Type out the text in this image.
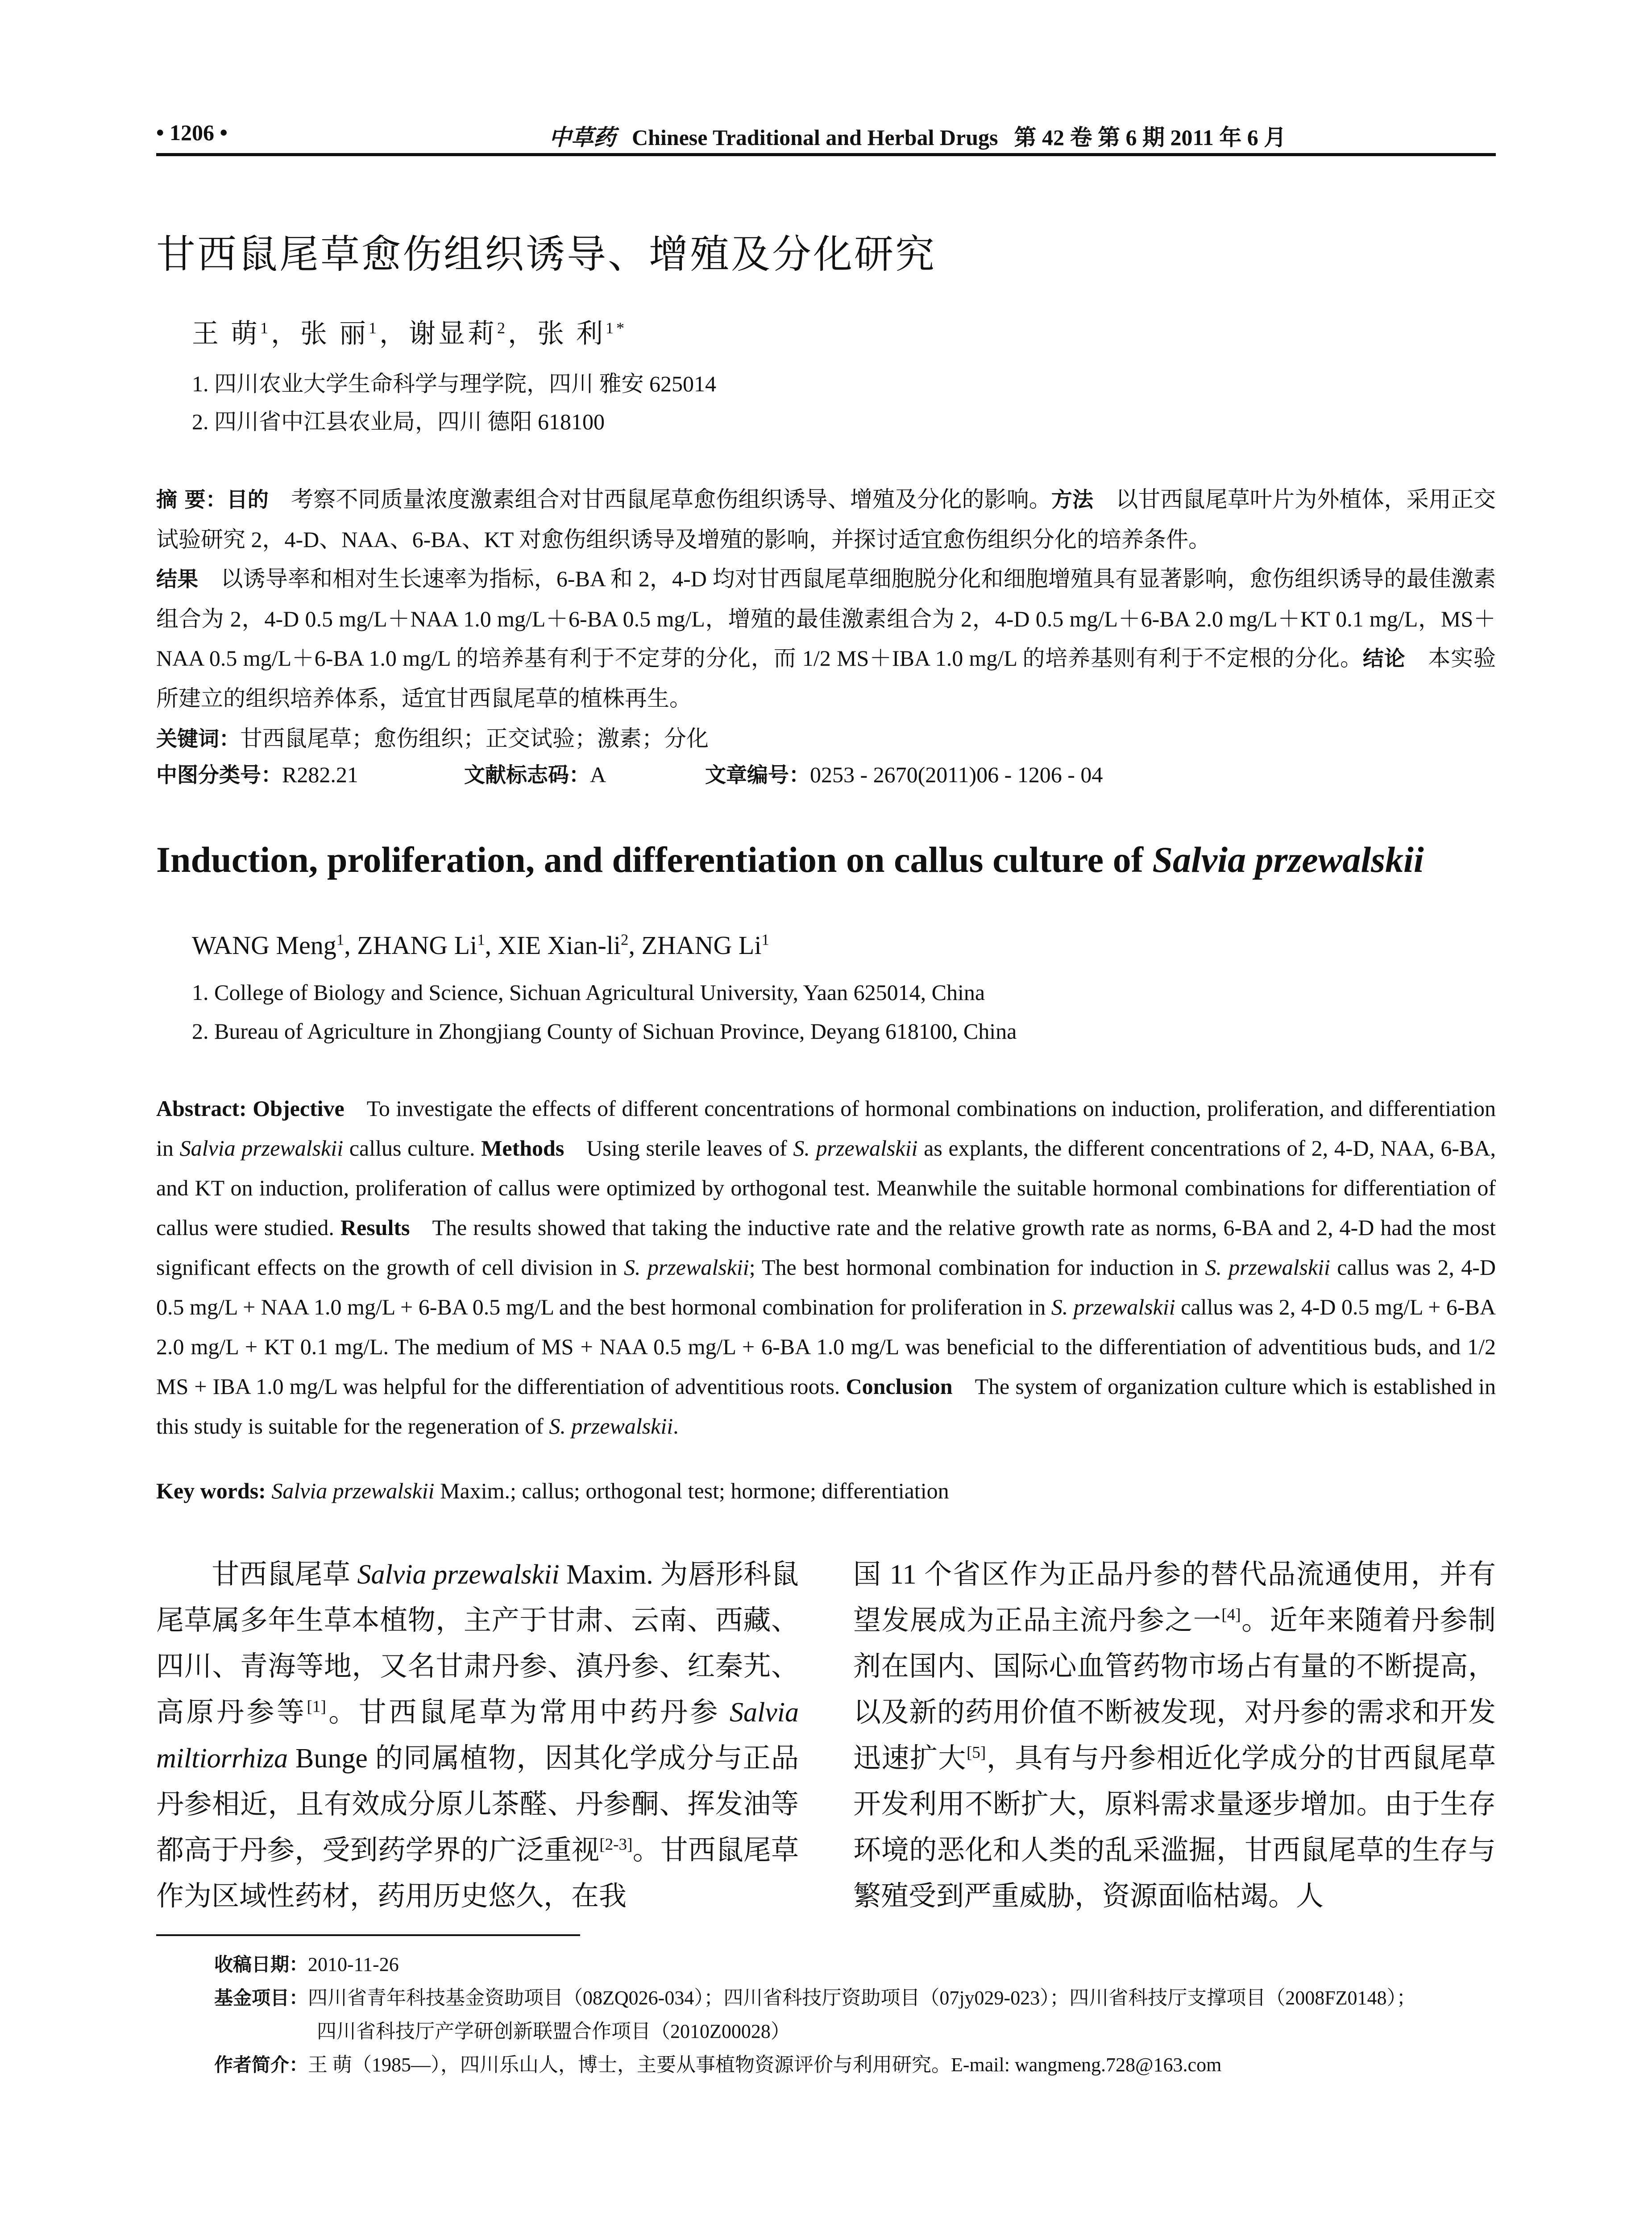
• 1206 •	中草药 Chinese Traditional and Herbal Drugs 第 42 卷 第 6 期 2011 年 6 月
甘西鼠尾草愈伤组织诱导、增殖及分化研究
王 萌$^1$，张 丽$^1$，谢显莉$^2$，张 利$^{1*}$
1. 四川农业大学生命科学与理学院，四川 雅安 625014
2. 四川省中江县农业局，四川 德阳 618100
摘 要：目的 考察不同质量浓度激素组合对甘西鼠尾草愈伤组织诱导、增殖及分化的影响。方法 以甘西鼠尾草叶片为外植体，采用正交试验研究 2，4-D、NAA、6-BA、KT 对愈伤组织诱导及增殖的影响，并探讨适宜愈伤组织分化的培养条件。
结果 以诱导率和相对生长速率为指标，6-BA 和 2，4-D 均对甘西鼠尾草细胞脱分化和细胞增殖具有显著影响，愈伤组织诱导的最佳激素组合为 2，4-D 0.5 mg/L＋NAA 1.0 mg/L＋6-BA 0.5 mg/L，增殖的最佳激素组合为 2，4-D 0.5 mg/L＋6-BA 2.0 mg/L＋KT 0.1 mg/L，MS＋NAA 0.5 mg/L＋6-BA 1.0 mg/L 的培养基有利于不定芽的分化，而 1/2 MS＋IBA 1.0 mg/L 的培养基则有利于不定根的分化。结论 本实验所建立的组织培养体系，适宜甘西鼠尾草的植株再生。
关键词：甘西鼠尾草；愈伤组织；正交试验；激素；分化
中图分类号：R282.21	文献标志码：A	文章编号：0253 - 2670(2011)06 - 1206 - 04
Induction, proliferation, and differentiation on callus culture of Salvia przewalskii
WANG Meng$^1$, ZHANG Li$^1$, XIE Xian-$li^2$, ZHANG Li$^1$
1. College of Biology and Science, Sichuan Agricultural University, Yaan 625014, China
2. Bureau of Agriculture in Zhongjiang County of Sichuan Province, Deyang 618100, China
Abstract: Objective To investigate the effects of different concentrations of hormonal combinations on induction, proliferation, and differentiation in Salvia przewalskii callus culture. Methods Using sterile leaves of S. przewalskii as explants, the different concentrations of 2, 4-D, NAA, 6-BA, and KT on induction, proliferation of callus were optimized by orthogonal test. Meanwhile the suitable hormonal combinations for differentiation of callus were studied. Results The results showed that taking the inductive rate and the relative growth rate as norms, 6-BA and 2, 4-D had the most significant effects on the growth of cell division in S. przewalskii; The best hormonal combination for induction in S. przewalskii callus was 2, 4-D 0.5 mg/L + NAA 1.0 mg/L + 6-BA 0.5 mg/L and the best hormonal combination for proliferation in S. przewalskii callus was 2, 4-D 0.5 mg/L + 6-BA 2.0 mg/L + KT 0.1 mg/L. The medium of MS + NAA 0.5 mg/L + 6-BA 1.0 mg/L was beneficial to the differentiation of adventitious buds, and 1/2 MS + IBA 1.0 mg/L was helpful for the differentiation of adventitious roots. Conclusion The system of organization culture which is established in this study is suitable for the regeneration of S. przewalskii.
Key words: Salvia przewalskii Maxim.; callus; orthogonal test; hormone; differentiation
甘西鼠尾草 Salvia przewalskii Maxim. 为唇形科鼠尾草属多年生草本植物，主产于甘肃、云南、西藏、四川、青海等地，又名甘肃丹参、滇丹参、红秦艽、高原丹参等[1]。甘西鼠尾草为常用中药丹参 Salvia miltiorrhiza Bunge 的同属植物，因其化学成分与正品丹参相近，且有效成分原儿茶醛、丹参酮、挥发油等都高于丹参，受到药学界的广泛重视[2-3]。甘西鼠尾草作为区域性药材，药用历史悠久，在我
国 11 个省区作为正品丹参的替代品流通使用，并有望发展成为正品主流丹参之一[4]。近年来随着丹参制剂在国内、国际心血管药物市场占有量的不断提高，以及新的药用价值不断被发现，对丹参的需求和开发迅速扩大[5]，具有与丹参相近化学成分的甘西鼠尾草开发利用不断扩大，原料需求量逐步增加。由于生存环境的恶化和人类的乱采滥掘，甘西鼠尾草的生存与繁殖受到严重威胁，资源面临枯竭。人
收稿日期：2010-11-26
基金项目：四川省青年科技基金资助项目（08ZQ026-034）；四川省科技厅资助项目（07jy029-023）；四川省科技厅支撑项目（2008FZ0148）；
四川省科技厅产学研创新联盟合作项目（2010Z00028）
作者简介：王 萌（1985—），四川乐山人，博士，主要从事植物资源评价与利用研究。E-mail: wangmeng.728@163.com
